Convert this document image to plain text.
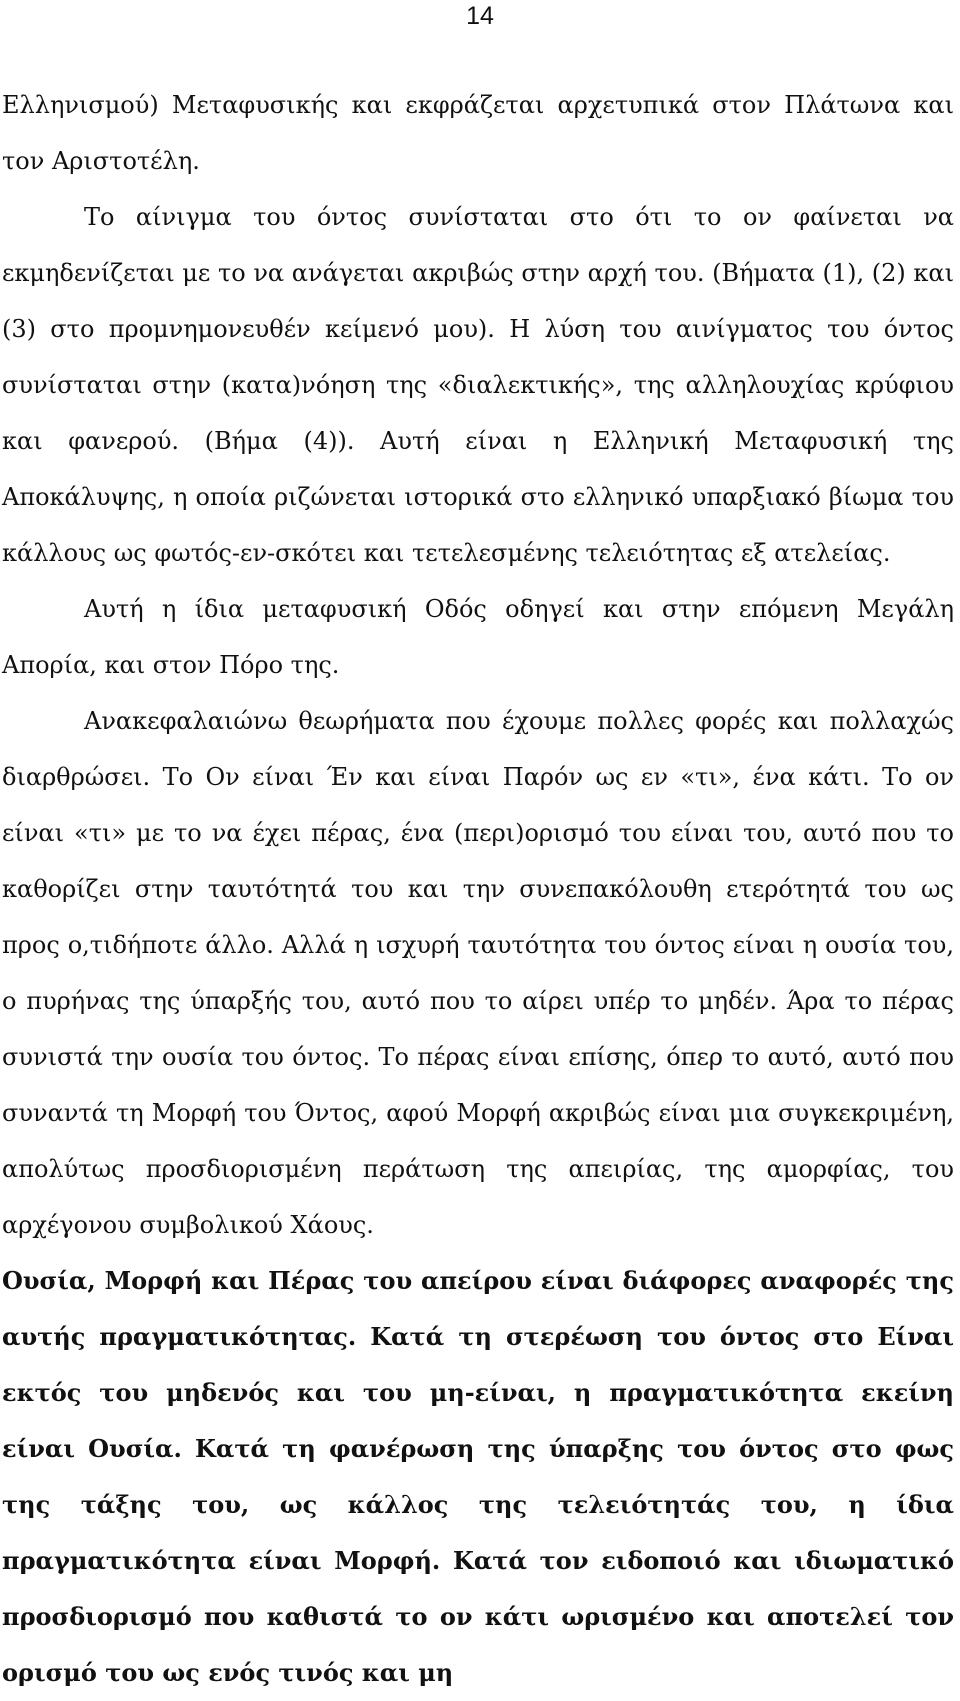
14

Ελληνισμού) Μεταφυσικής και εκφράζεται αρχετυπικά στον Πλάτωνα και τον Αριστοτέλη.

Το αίνιγμα του όντος συνίσταται στο ότι το ον φαίνεται να εκμηδενίζεται με το να ανάγεται ακριβώς στην αρχή του. (Βήματα (1), (2) και (3) στο προμνημονευθέν κείμενό μου). Η λύση του αινίγματος του όντος συνίσταται στην (κατα)νόηση της «διαλεκτικής», της αλληλουχίας κρύφιου και φανερού. (Βήμα (4)). Αυτή είναι η Ελληνική Μεταφυσική της Αποκάλυψης, η οποία ριζώνεται ιστορικά στο ελληνικό υπαρξιακό βίωμα του κάλλους ως φωτός-εν-σκότει και τετελεσμένης τελειότητας εξ ατελείας.

Αυτή η ίδια μεταφυσική Οδός οδηγεί και στην επόμενη Μεγάλη Απορία, και στον Πόρο της.

Ανακεφαλαιώνω θεωρήματα που έχουμε πολλες φορές και πολλαχώς διαρθρώσει. Το Ον είναι Έν και είναι Παρόν ως εν «τι», ένα κάτι. Το ον είναι «τι» με το να έχει πέρας, ένα (περι)ορισμό του είναι του, αυτό που το καθορίζει στην ταυτότητά του και την συνεπακόλουθη ετερότητά του ως προς ο,τιδήποτε άλλο. Αλλά η ισχυρή ταυτότητα του όντος είναι η ουσία του, ο πυρήνας της ύπαρξής του, αυτό που το αίρει υπέρ το μηδέν. Άρα το πέρας συνιστά την ουσία του όντος. Το πέρας είναι επίσης, όπερ το αυτό, αυτό που συναντά τη Μορφή του Όντος, αφού Μορφή ακριβώς είναι μια συγκεκριμένη, απολύτως προσδιορισμένη περάτωση της απειρίας, της αμορφίας, του αρχέγονου συμβολικού Χάους.

Ουσία, Μορφή και Πέρας του απείρου είναι διάφορες αναφορές της αυτής πραγματικότητας. Κατά τη στερέωση του όντος στο Είναι εκτός του μηδενός και του μη-είναι, η πραγματικότητα εκείνη είναι Ουσία. Κατά τη φανέρωση της ύπαρξης του όντος στο φως της τάξης του, ως κάλλος της τελειότητάς του, η ίδια πραγματικότητα είναι Μορφή. Κατά τον ειδοποιό και ιδιωματικό προσδιορισμό που καθιστά το ον κάτι ωρισμένο και αποτελεί τον ορισμό του ως ενός τινός και μη
